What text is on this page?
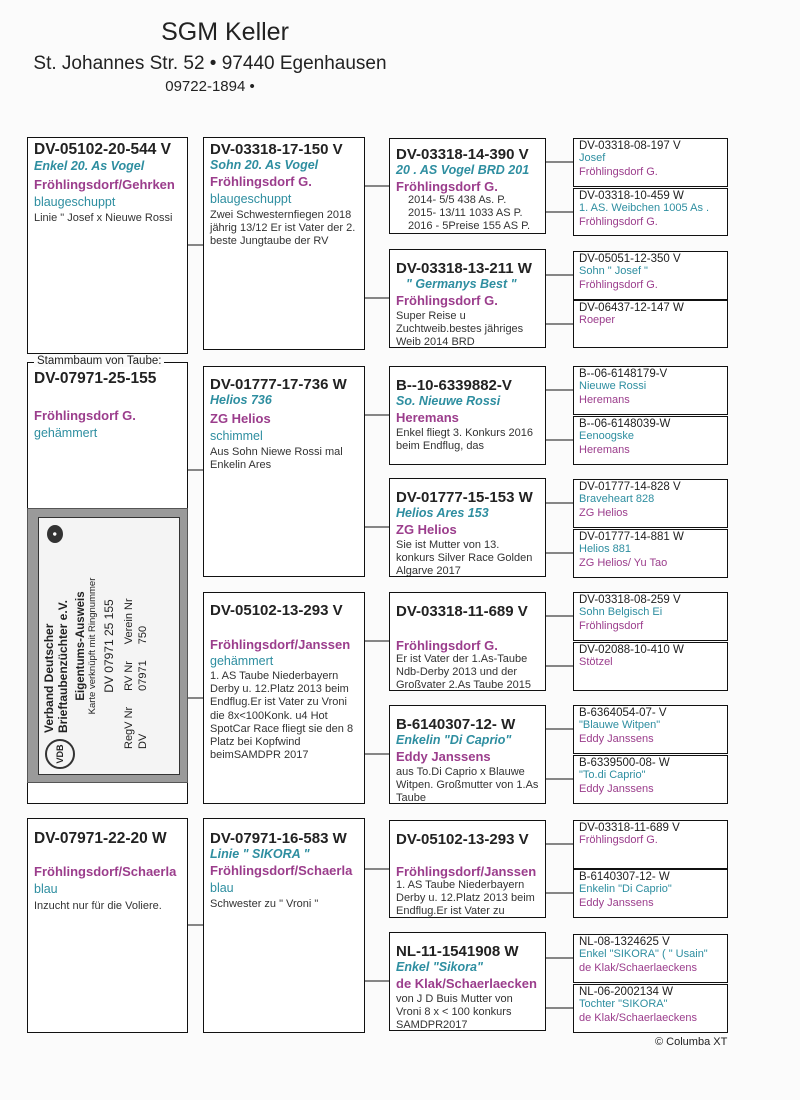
SGM Keller
St. Johannes Str. 52 • 97440 Egenhausen
09722-1894 •
DV-05102-20-544 V
Enkel 20. As Vogel
Fröhlingsdorf/Gehrken
blaugeschuppt
Linie " Josef x Nieuwe Rossi
DV-07971-25-155
Fröhlingsdorf G.
gehämmert
Stammbaum von Taube:
VDB
●
Verband Deutscher Brieftaubenzüchter e.V. Eigentums-Ausweis Karte verknüpft mit Ringnummer DV 07971 25 155
RegV Nr	RV Nr	Verein Nr
DV	07971	750
DV-07971-22-20 W
Fröhlingsdorf/Schaerla
blau
Inzucht nur für die Voliere.
DV-03318-17-150 V
Sohn 20. As Vogel
Fröhlingsdorf G.
blaugeschuppt
Zwei Schwesternfiegen 2018 jährig 13/12 Er ist Vater der 2. beste Jungtaube der RV
DV-01777-17-736 W
Helios 736
ZG Helios
schimmel
Aus Sohn Niewe Rossi mal Enkelin Ares
DV-05102-13-293 V
Fröhlingsdorf/Janssen
gehämmert
1. AS Taube Niederbayern Derby u. 12.Platz 2013 beim Endflug.Er ist Vater zu Vroni die 8x<100Konk. u4 Hot SpotCar Race fliegt sie den 8 Platz bei Kopfwind beimSAMDPR 2017
DV-07971-16-583 W
Linie " SIKORA "
Fröhlingsdorf/Schaerla
blau
Schwester zu " Vroni "
DV-03318-14-390 V
20 . AS Vogel BRD 201
Fröhlingsdorf G.
2014- 5/5 438 As. P.
2015- 13/11 1033 AS P.
2016 - 5Preise 155 AS P.
DV-03318-13-211 W
" Germanys Best "
Fröhlingsdorf G.
Super Reise u Zuchtweib.bestes jähriges Weib 2014 BRD
B--10-6339882-V
So. Nieuwe Rossi
Heremans
Enkel fliegt 3. Konkurs 2016 beim Endflug, das
DV-01777-15-153 W
Helios Ares 153
ZG Helios
Sie ist Mutter von 13. konkurs Silver Race Golden Algarve 2017
DV-03318-11-689 V
Fröhlingsdorf G.
Er ist Vater der 1.As-Taube Ndb-Derby 2013 und der Großvater 2.As Taube 2015
B-6140307-12- W
Enkelin "Di Caprio"
Eddy Janssens
aus To.Di Caprio x Blauwe Witpen. Großmutter von 1.As Taube
DV-05102-13-293 V
Fröhlingsdorf/Janssen
1. AS Taube Niederbayern Derby u. 12.Platz 2013 beim Endflug.Er ist Vater zu
NL-11-1541908 W
Enkel "Sikora"
de Klak/Schaerlaecken
von J D Buis Mutter von Vroni 8 x < 100 konkurs SAMDPR2017
DV-03318-08-197 V
Josef
Fröhlingsdorf G.
DV-03318-10-459 W
1. AS. Weibchen 1005 As .
Fröhlingsdorf G.
DV-05051-12-350 V
Sohn " Josef "
Fröhlingsdorf G.
DV-06437-12-147 W
Roeper
B--06-6148179-V
Nieuwe Rossi
Heremans
B--06-6148039-W
Eenoogske
Heremans
DV-01777-14-828 V
Braveheart 828
ZG Helios
DV-01777-14-881 W
Helios 881
ZG Helios/ Yu Tao
DV-03318-08-259 V
Sohn Belgisch Ei
Fröhlingsdorf
DV-02088-10-410 W
Stötzel
B-6364054-07- V
"Blauwe Witpen"
Eddy Janssens
B-6339500-08- W
"To.di Caprio"
Eddy Janssens
DV-03318-11-689 V
Fröhlingsdorf G.
B-6140307-12- W
Enkelin "Di Caprio"
Eddy Janssens
NL-08-1324625 V
Enkel "SIKORA" ( " Usain"
de Klak/Schaerlaeckens
NL-06-2002134 W
Tochter "SIKORA"
de Klak/Schaerlaeckens
© Columba XT
